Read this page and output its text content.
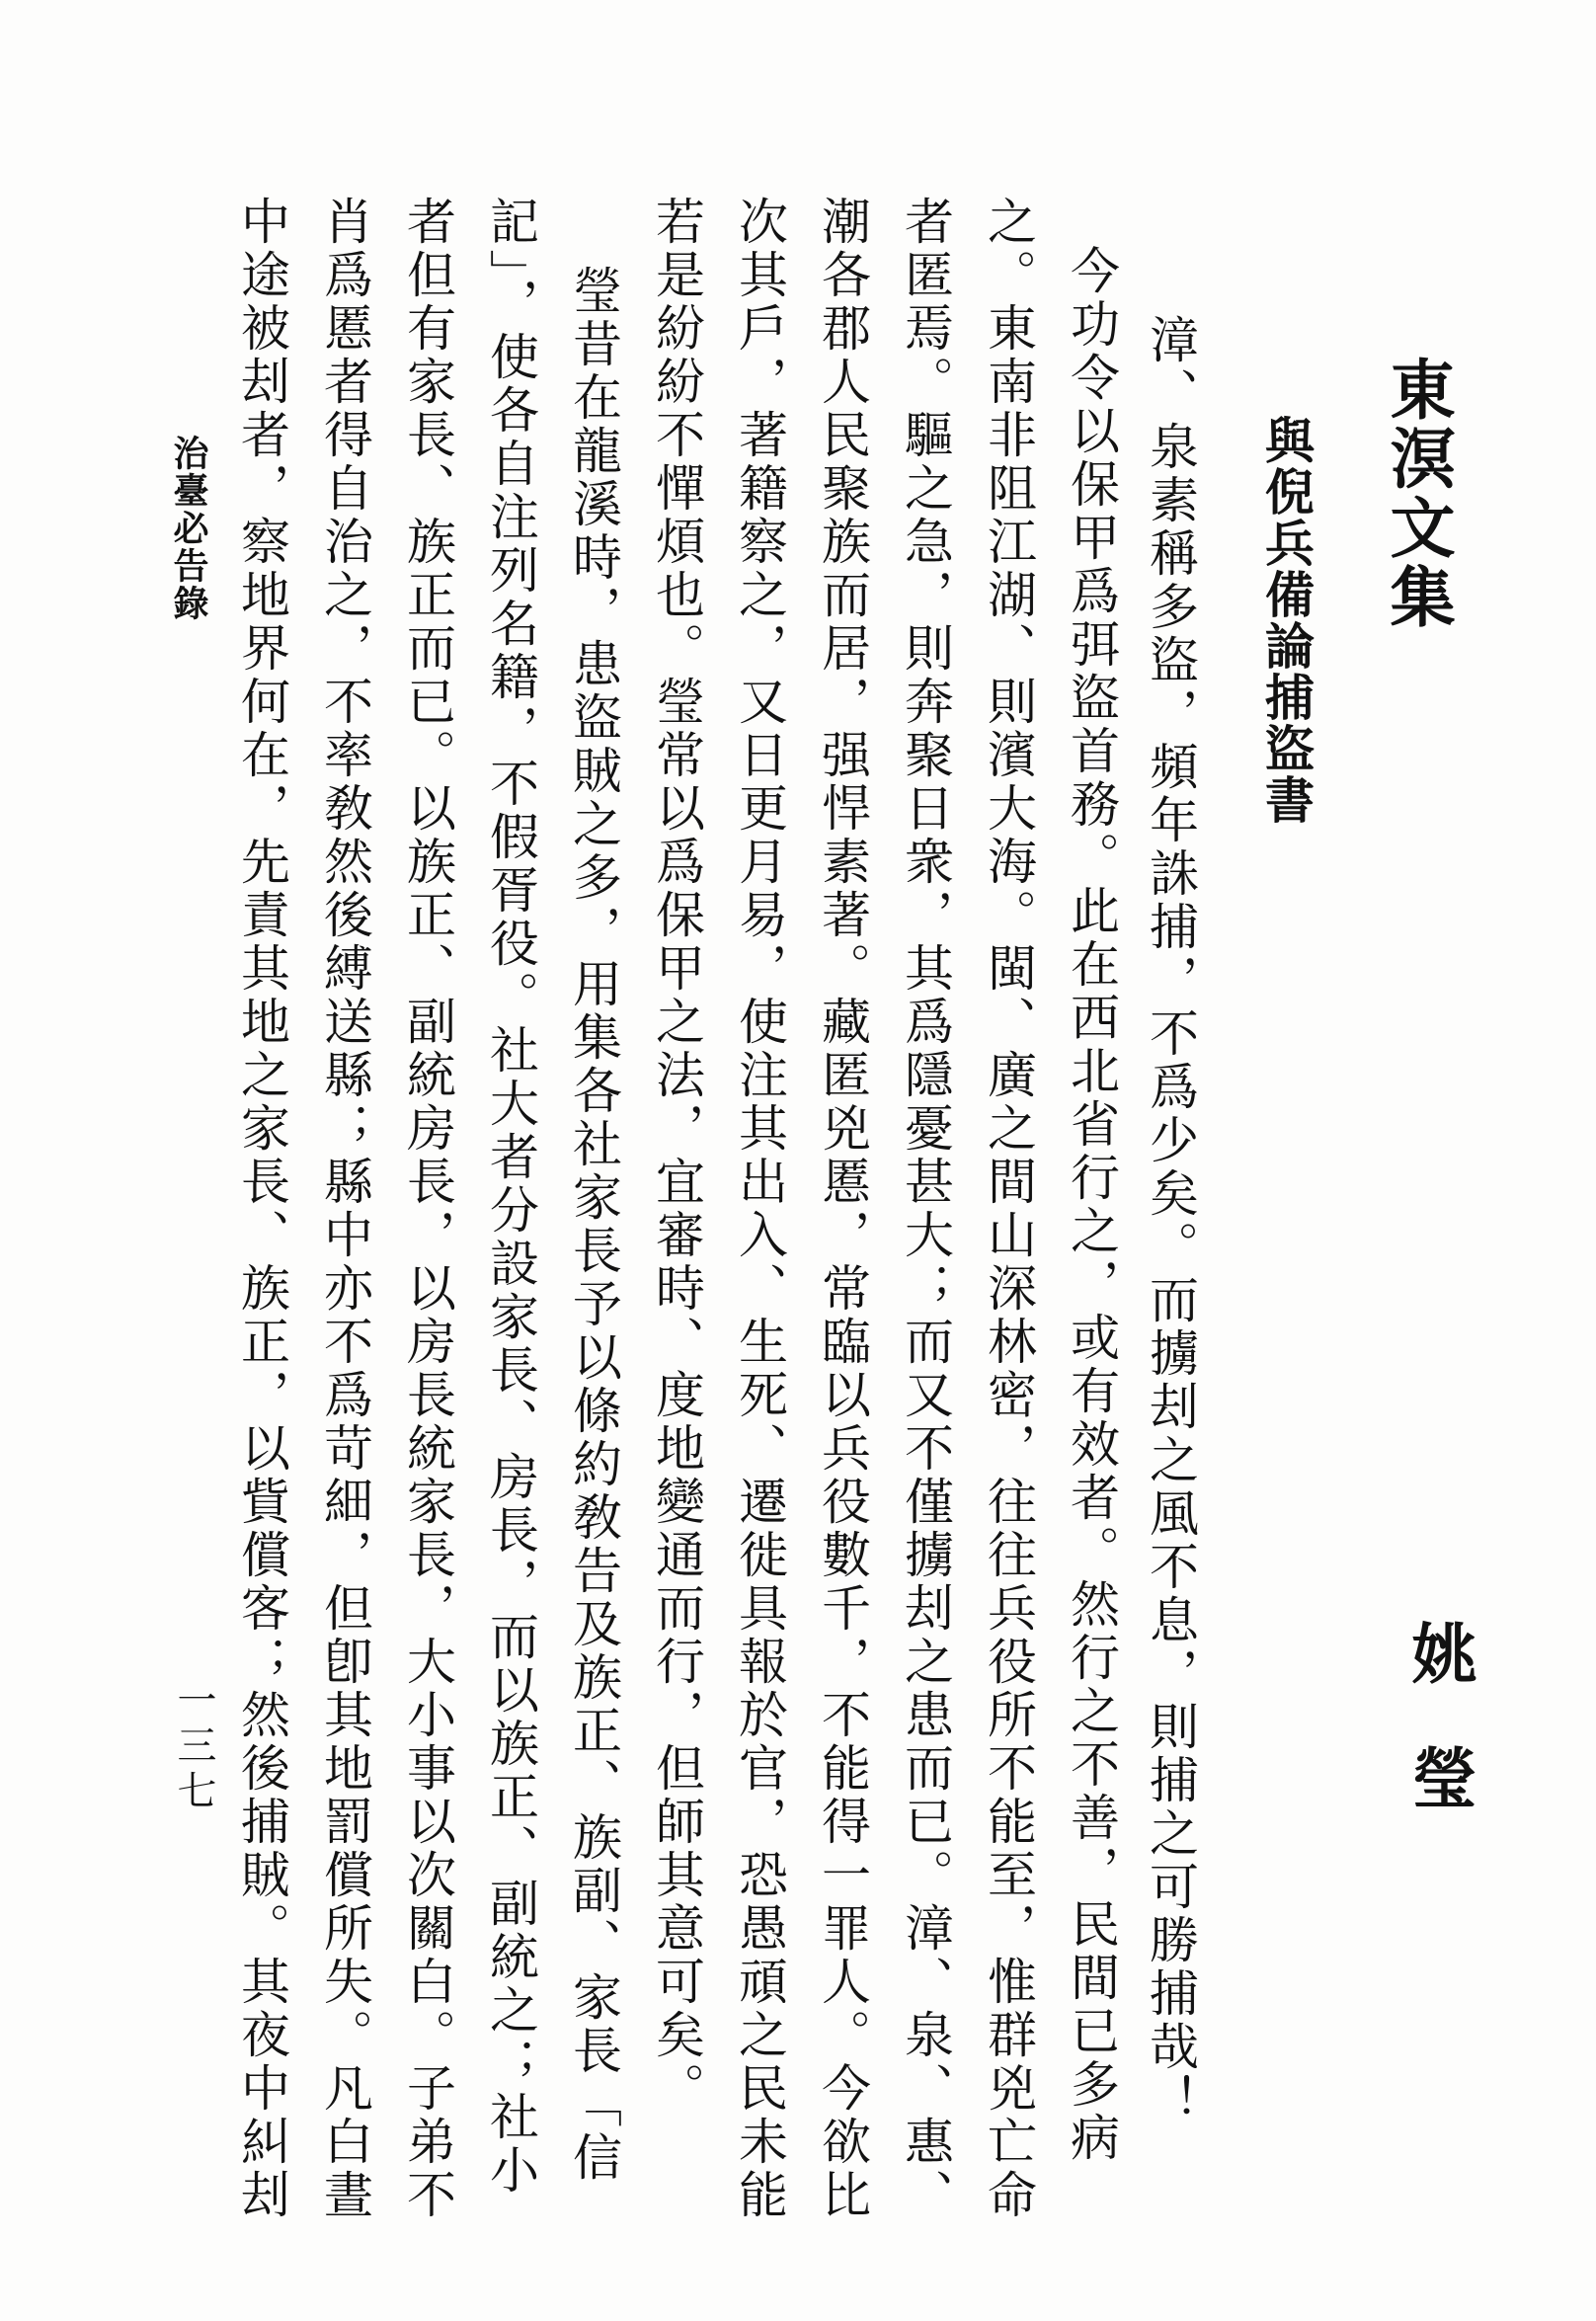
東溟文集
姚瑩
與倪兵備論捕盜書
漳、泉素稱多盜，頻年誅捕，不爲少矣。而擄刦之風不息，則捕之可勝捕哉！
今功令以保甲爲弭盜首務。此在西北省行之，或有效者。然行之不善，民間已多病
之。東南非阻江湖、則濱大海。閩、廣之間山深林密，往往兵役所不能至，惟群兇亡命
者匿焉。驅之急，則奔聚日衆，其爲隱憂甚大；而又不僅擄刦之患而已。漳、泉、惠、
潮各郡人民聚族而居，强悍素著。藏匿兇慝，常臨以兵役數千，不能得一罪人。今欲比
次其戶，著籍察之，又日更月易，使注其出入、生死、遷徙具報於官，恐愚頑之民未能
若是紛紛不憚煩也。瑩常以爲保甲之法，宜審時、度地變通而行，但師其意可矣。
瑩昔在龍溪時，患盜賊之多，用集各社家長予以條約敎告及族正、族副、家長「信
記」，使各自注列名籍，不假胥役。社大者分設家長、房長，而以族正、副統之；社小
者但有家長、族正而已。以族正、副統房長，以房長統家長，大小事以次關白。子弟不
肖爲慝者得自治之，不率敎然後縛送縣；縣中亦不爲苛細，但卽其地罰償所失。凡白晝
中途被刦者，察地界何在，先責其地之家長、族正，以貲償客；然後捕賊。其夜中糾刦
治臺必告錄
一三七
